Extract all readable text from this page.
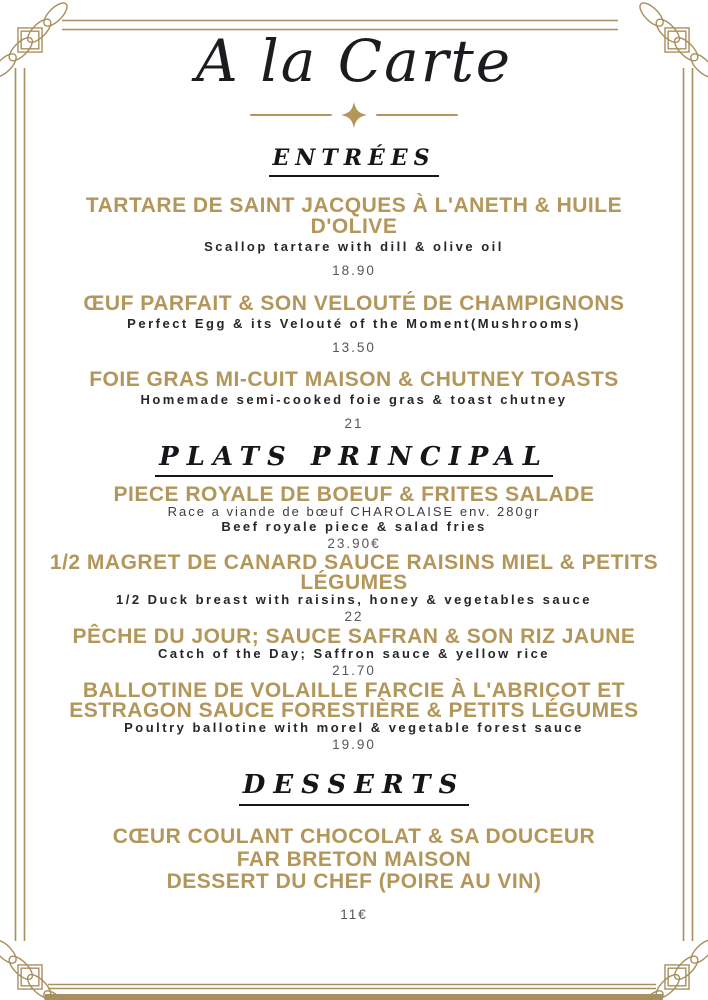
A la Carte
ENTRÉES
TARTARE DE SAINT JACQUES À L'ANETH & HUILE D'OLIVE
Scallop tartare with dill & olive oil
18.90
ŒUF PARFAIT & SON VELOUTÉ DE CHAMPIGNONS
Perfect Egg & its Velouté of the Moment(Mushrooms)
13.50
FOIE GRAS MI-CUIT MAISON & CHUTNEY TOASTS
Homemade semi-cooked foie gras & toast chutney
21
PLATS PRINCIPAL
PIECE ROYALE DE BOEUF & FRITES SALADE
Race a viande de bœuf CHAROLAISE env. 280gr
Beef royale piece & salad fries
23.90€
1/2 MAGRET DE CANARD SAUCE RAISINS MIEL & PETITS LÉGUMES
1/2 Duck breast with raisins, honey & vegetables sauce
22
PÊCHE DU JOUR; SAUCE SAFRAN & SON RIZ JAUNE
Catch of the Day; Saffron sauce & yellow rice
21.70
BALLOTINE DE VOLAILLE FARCIE À L'ABRICOT ET ESTRAGON SAUCE FORESTIÈRE & PETITS LÉGUMES
Poultry ballotine with morel & vegetable forest sauce
19.90
DESSERTS
CŒUR COULANT CHOCOLAT & SA DOUCEUR
FAR BRETON MAISON
DESSERT DU CHEF (POIRE AU VIN)
11€
